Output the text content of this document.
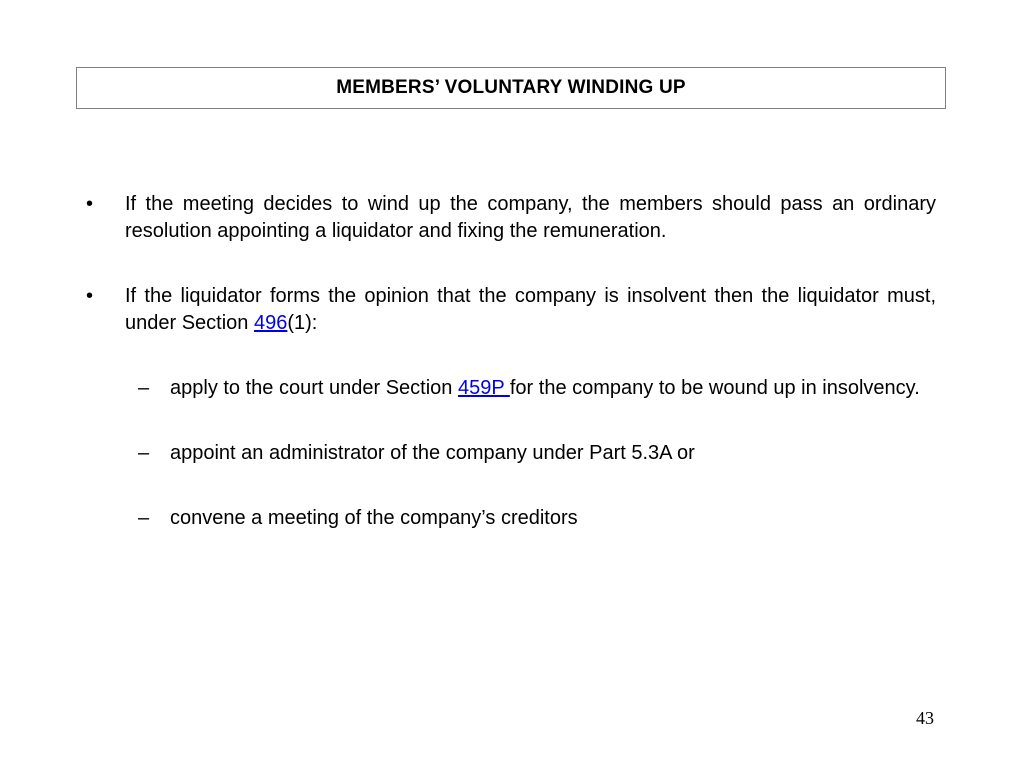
MEMBERS’ VOLUNTARY WINDING UP
• If the meeting decides to wind up the company, the members should pass an ordinary resolution appointing a liquidator and fixing the remuneration.
• If the liquidator forms the opinion that the company is insolvent then the liquidator must, under Section 496(1):
– apply to the court under Section 459P for the company to be wound up in insolvency.
– appoint an administrator of the company under Part 5.3A or
– convene a meeting of the company’s creditors
43
